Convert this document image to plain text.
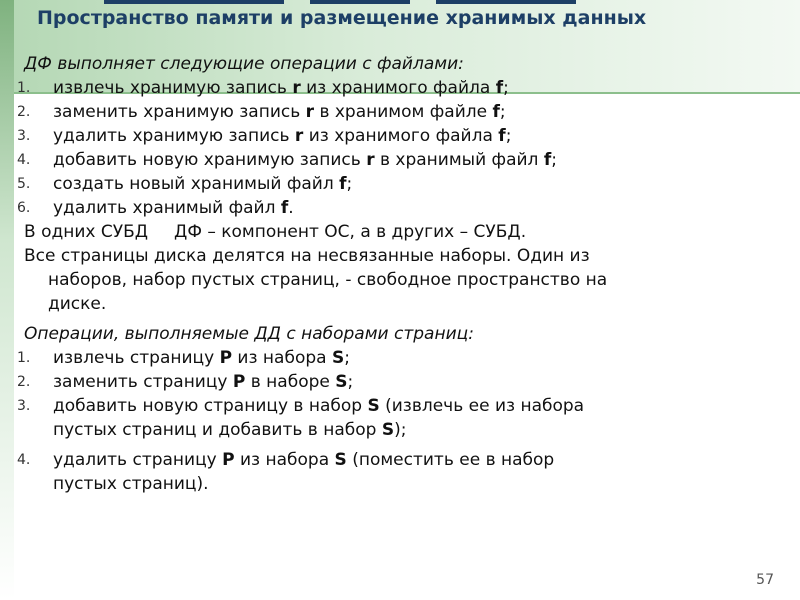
Пространство памяти и размещение хранимых данных
ДФ выполняет следующие операции с файлами:
1. извлечь хранимую запись r из хранимого файла f;
2. заменить хранимую запись r в хранимом файле f;
3. удалить хранимую запись r из хранимого файла f;
4. добавить новую хранимую запись r в хранимый файл f;
5. создать новый хранимый файл f;
6. удалить хранимый файл f.
В одних СУБД ДФ – компонент ОС, а в других – СУБД.
Все страницы диска делятся на несвязанные наборы. Один из
наборов, набор пустых страниц, - свободное пространство на
диске.
Операции, выполняемые ДД с наборами страниц:
1. извлечь страницу P из набора S;
2. заменить страницу P в наборе S;
3. добавить новую страницу в набор S (извлечь ее из набора
пустых страниц и добавить в набор S);
4. удалить страницу P из набора S (поместить ее в набор
пустых страниц).
57
